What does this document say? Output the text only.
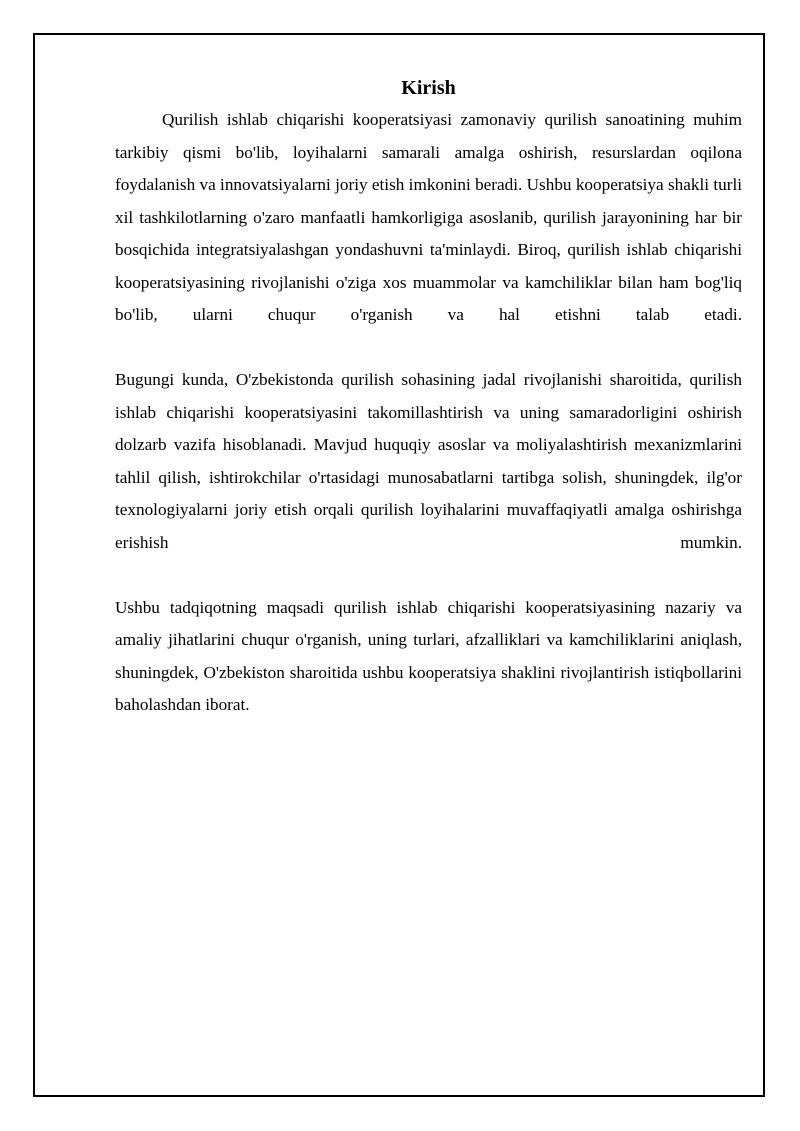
Kirish

Qurilish ishlab chiqarishi kooperatsiyasi zamonaviy qurilish sanoatining muhim tarkibiy qismi bo'lib, loyihalarni samarali amalga oshirish, resurslardan oqilona foydalanish va innovatsiyalarni joriy etish imkonini beradi. Ushbu kooperatsiya shakli turli xil tashkilotlarning o'zaro manfaatli hamkorligiga asoslanib, qurilish jarayonining har bir bosqichida integratsiyalashgan yondashuvni ta'minlaydi. Biroq, qurilish ishlab chiqarishi kooperatsiyasining rivojlanishi o'ziga xos muammolar va kamchiliklar bilan ham bog'liq bo'lib, ularni chuqur o'rganish va hal etishni talab etadi.

Bugungi kunda, O'zbekistonda qurilish sohasining jadal rivojlanishi sharoitida, qurilish ishlab chiqarishi kooperatsiyasini takomillashtirish va uning samaradorligini oshirish dolzarb vazifa hisoblanadi. Mavjud huquqiy asoslar va moliyalashtirish mexanizmlarini tahlil qilish, ishtirokchilar o'rtasidagi munosabatlarni tartibga solish, shuningdek, ilg'or texnologiyalarni joriy etish orqali qurilish loyihalarini muvaffaqiyatli amalga oshirishga erishish mumkin.

Ushbu tadqiqotning maqsadi qurilish ishlab chiqarishi kooperatsiyasining nazariy va amaliy jihatlarini chuqur o'rganish, uning turlari, afzalliklari va kamchiliklarini aniqlash, shuningdek, O'zbekiston sharoitida ushbu kooperatsiya shaklini rivojlantirish istiqbollarini baholashdan iborat.
